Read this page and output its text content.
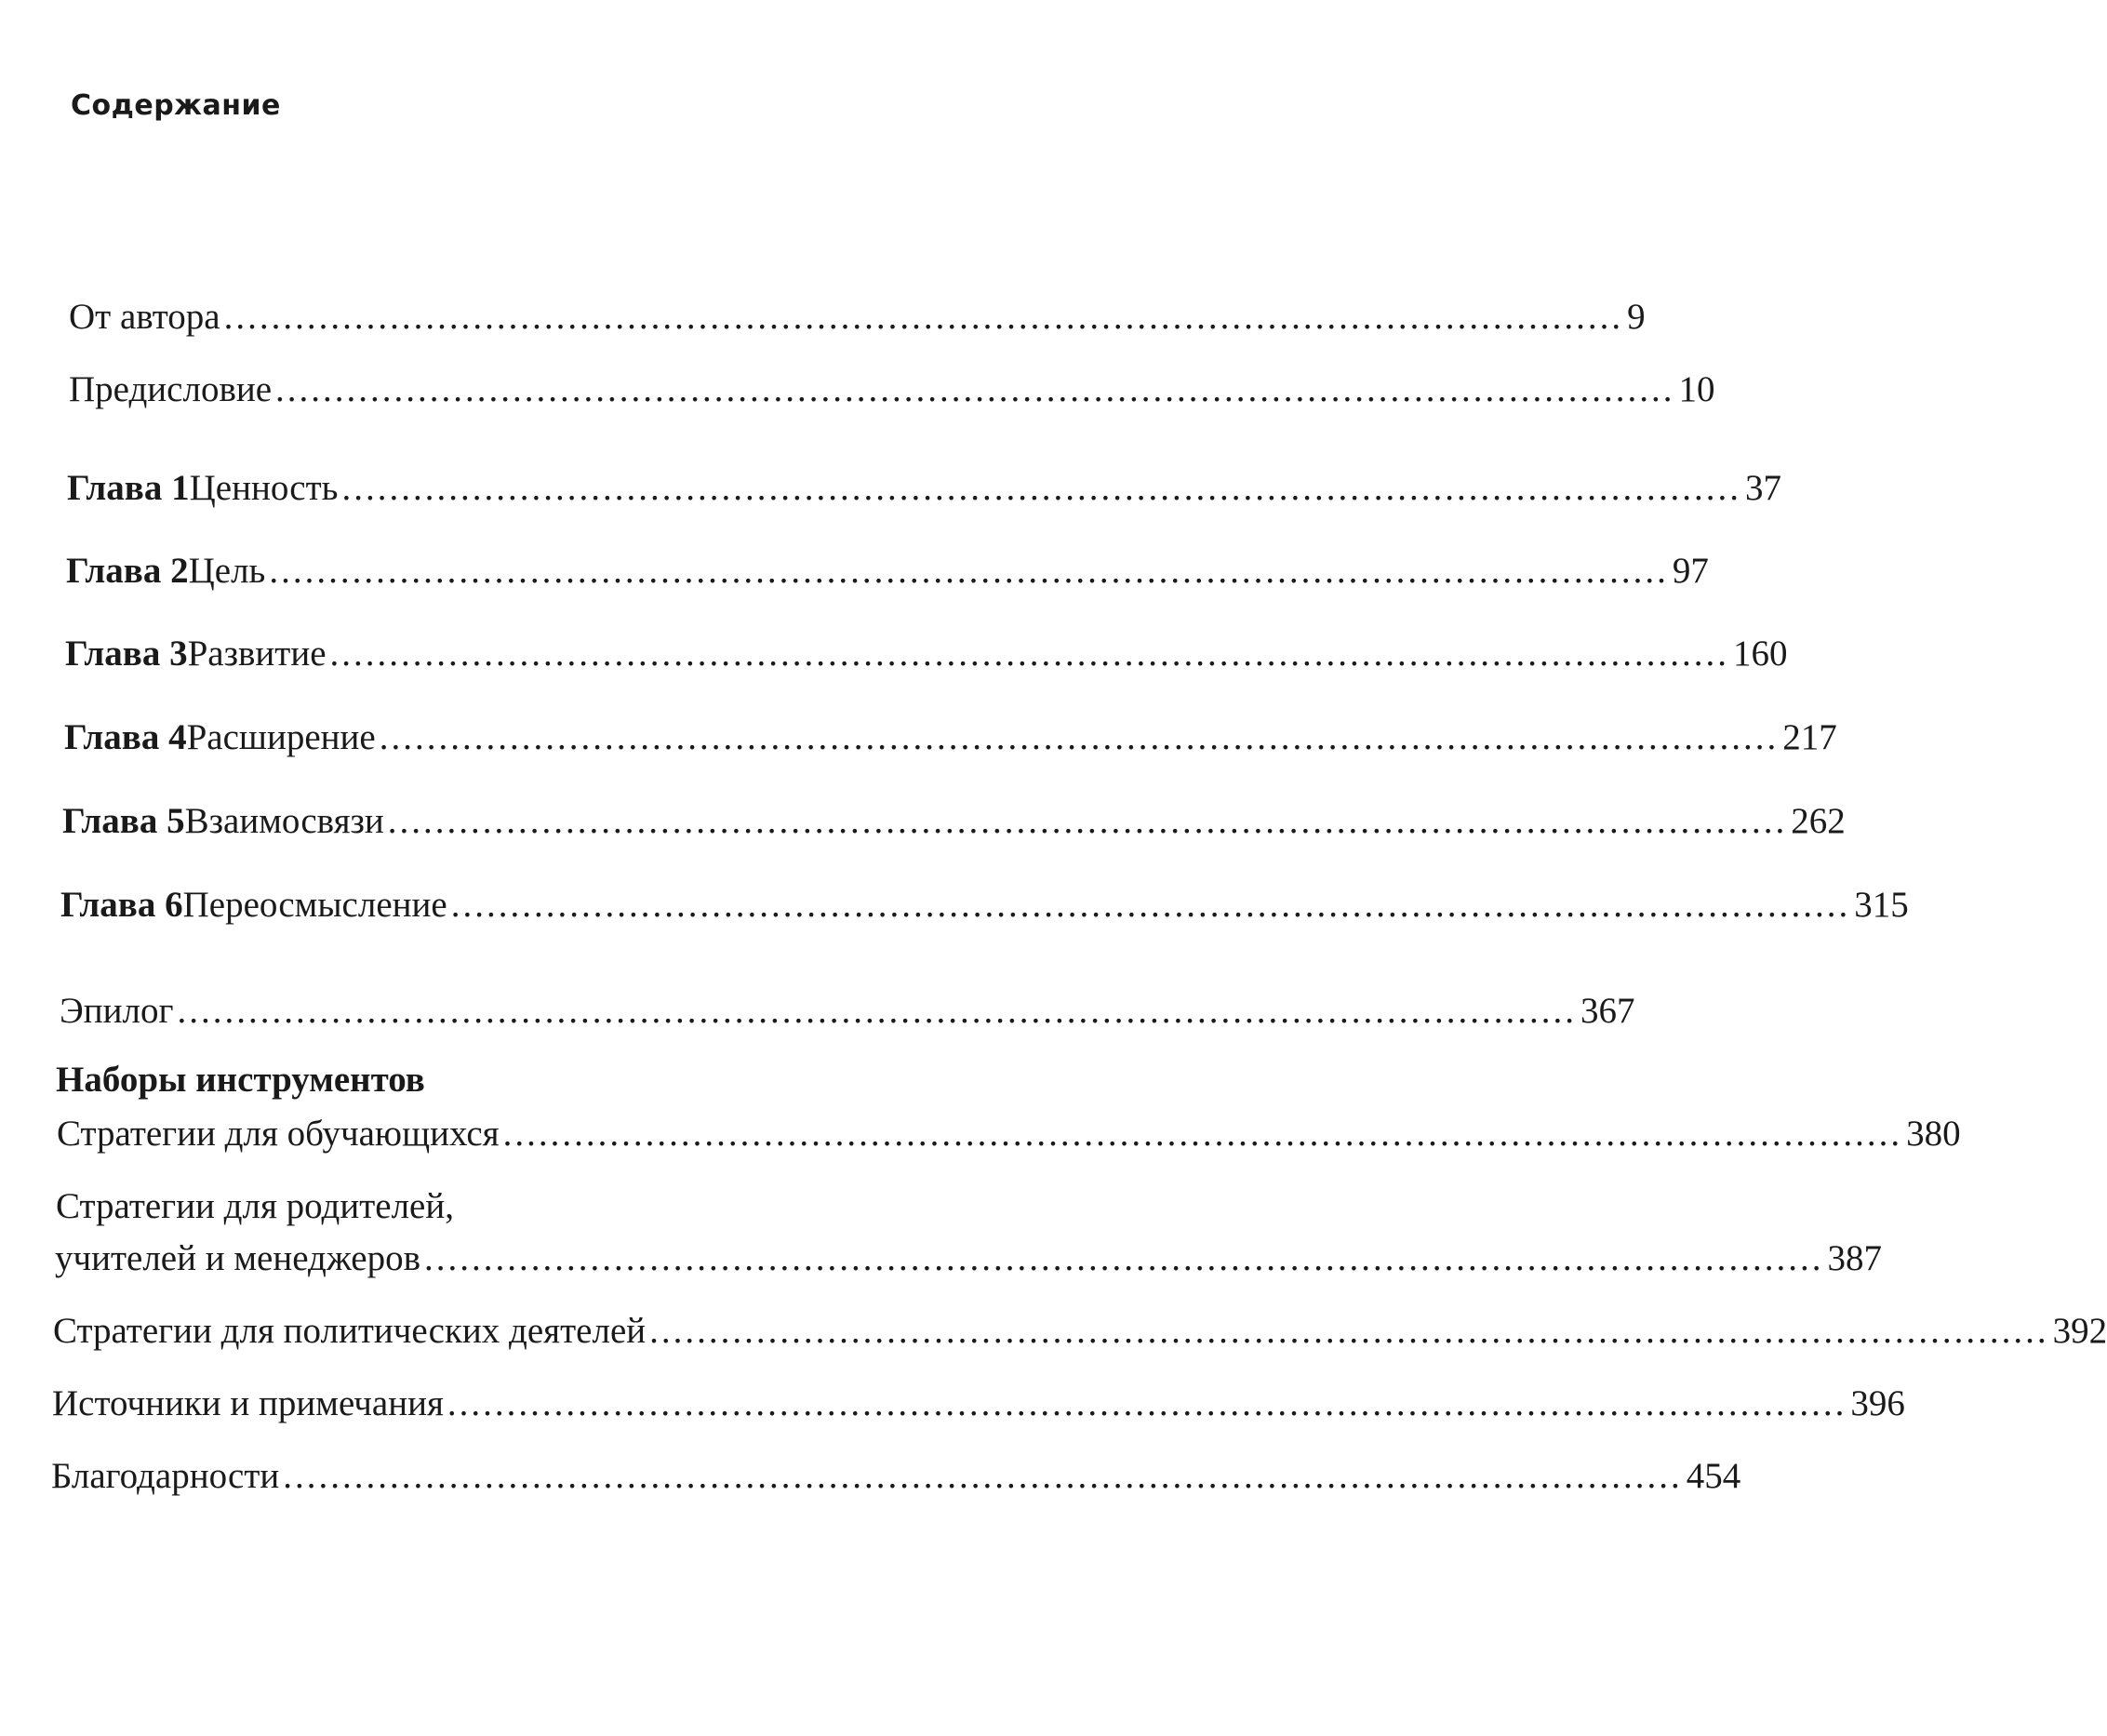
Содержание
От автора ...................................................................................................................... 9
Предисловие ...................................................................................................................... 10
Глава 1 Ценность ...................................................................................................................... 37
Глава 2 Цель ...................................................................................................................... 97
Глава 3 Развитие ...................................................................................................................... 160
Глава 4 Расширение ...................................................................................................................... 217
Глава 5 Взаимосвязи ...................................................................................................................... 262
Глава 6 Переосмысление ...................................................................................................................... 315
Эпилог ...................................................................................................................... 367
Наборы инструментов
Стратегии для обучающихся ...................................................................................................................... 380
Стратегии для родителей,
учителей и менеджеров ...................................................................................................................... 387
Стратегии для политических деятелей ...................................................................................................................... 392
Источники и примечания ...................................................................................................................... 396
Благодарности ...................................................................................................................... 454
